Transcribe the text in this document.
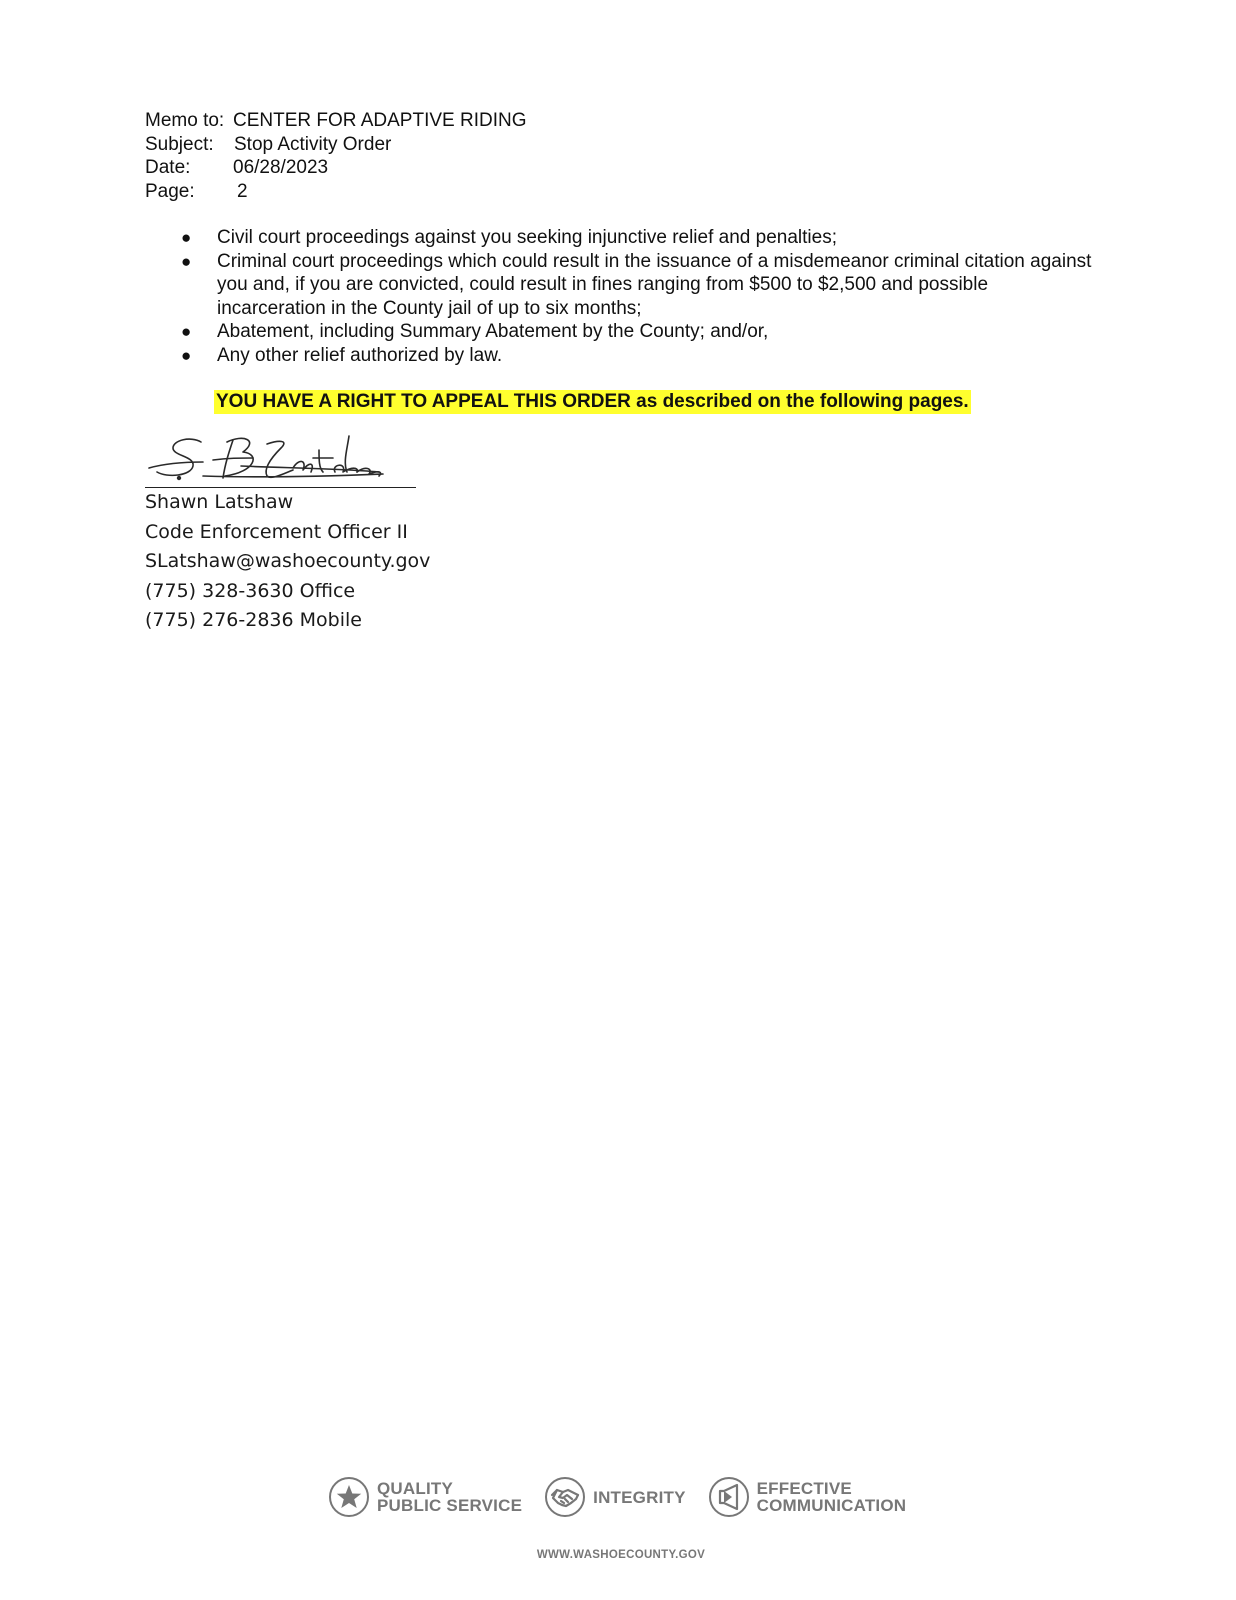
Memo to: CENTER FOR ADAPTIVE RIDING
Subject:	Stop Activity Order
Date:	06/28/2023
Page:	2
● Civil court proceedings against you seeking injunctive relief and penalties;
● Criminal court proceedings which could result in the issuance of a misdemeanor criminal citation against you and, if you are convicted, could result in fines ranging from $500 to $2,500 and possible incarceration in the County jail of up to six months;
● Abatement, including Summary Abatement by the County; and/or,
● Any other relief authorized by law.
YOU HAVE A RIGHT TO APPEAL THIS ORDER as described on the following pages.
Shawn Latshaw
Code Enforcement Officer II
SLatshaw@washoecounty.gov
(775) 328-3630 Office
(775) 276-2836 Mobile
QUALITY
PUBLIC SERVICE	INTEGRITY	EFFECTIVE
COMMUNICATION
WWW.WASHOECOUNTY.GOV
